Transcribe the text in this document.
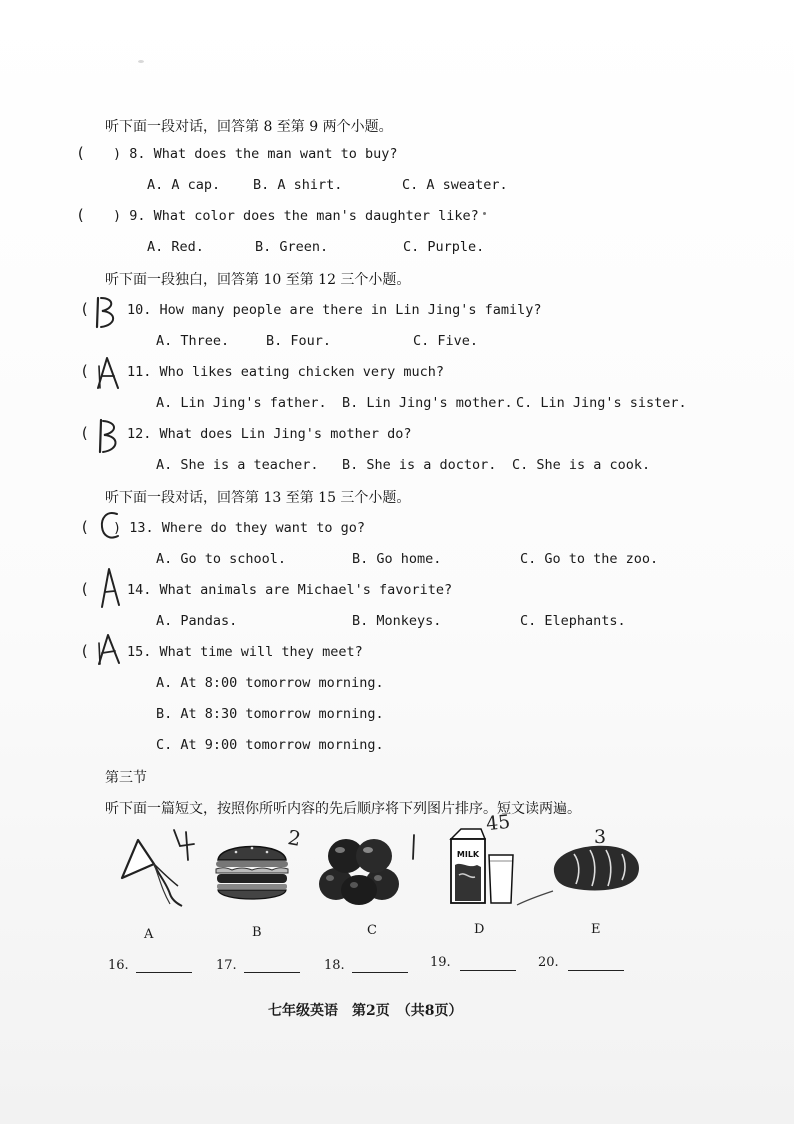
听下面一段对话，回答第 8 至第 9 两个小题。
( ) 8. What does the man want to buy?
A. A cap. B. A shirt.	C. A sweater.
( ) 9. What color does the man's daughter like?
A. Red.	B. Green.	C. Purple.
听下面一段独白，回答第 10 至第 12 三个小题。
(	10. How many people are there in Lin Jing's family?
A. Three.	B. Four.	C. Five.
(	11. Who likes eating chicken very much?
A. Lin Jing's father. B. Lin Jing's mother. C. Lin Jing's sister.
(	12. What does Lin Jing's mother do?
A. She is a teacher. B. She is a doctor. C. She is a cook.
听下面一段对话，回答第 13 至第 15 三个小题。
( ) 13. Where do they want to go?
A. Go to school.	B. Go home.	C. Go to the zoo.
(	14. What animals are Michael's favorite?
A. Pandas.	B. Monkeys.	C. Elephants.
(	15. What time will they meet?
A. At 8:00 tomorrow morning.
B. At 8:30 tomorrow morning.
C. At 9:00 tomorrow morning.
第三节
听下面一篇短文，按照你所听内容的先后顺序将下列图片排序。短文读两遍。
A
2
B	C
MILK
45
D
3
E
16.	17.	18.	19.	20.
七年级英语　第2页　（共8页）
